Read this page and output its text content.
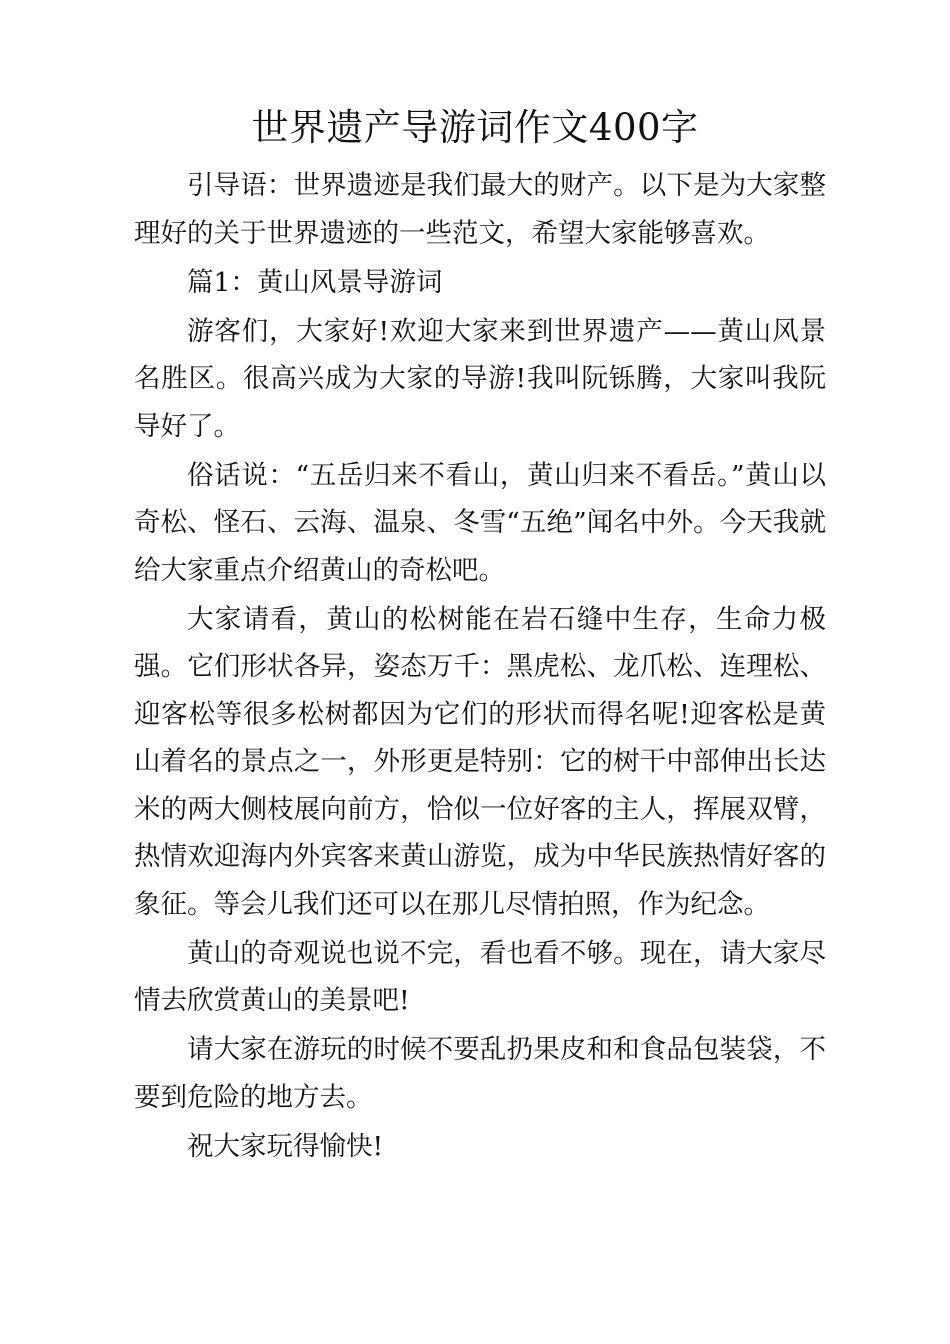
世界遗产导游词作文400字

引导语：世界遗迹是我们最大的财产。以下是为大家整理好的关于世界遗迹的一些范文，希望大家能够喜欢。

篇1：黄山风景导游词

游客们，大家好!欢迎大家来到世界遗产——黄山风景名胜区。很高兴成为大家的导游!我叫阮铄腾，大家叫我阮导好了。

俗话说：“五岳归来不看山，黄山归来不看岳。”黄山以奇松、怪石、云海、温泉、冬雪“五绝”闻名中外。今天我就给大家重点介绍黄山的奇松吧。

大家请看，黄山的松树能在岩石缝中生存，生命力极强。它们形状各异，姿态万千：黑虎松、龙爪松、连理松、迎客松等很多松树都因为它们的形状而得名呢!迎客松是黄山着名的景点之一，外形更是特别：它的树干中部伸出长达米的两大侧枝展向前方，恰似一位好客的主人，挥展双臂，热情欢迎海内外宾客来黄山游览，成为中华民族热情好客的象征。等会儿我们还可以在那儿尽情拍照，作为纪念。

黄山的奇观说也说不完，看也看不够。现在，请大家尽情去欣赏黄山的美景吧!

请大家在游玩的时候不要乱扔果皮和和食品包装袋，不要到危险的地方去。

祝大家玩得愉快!
